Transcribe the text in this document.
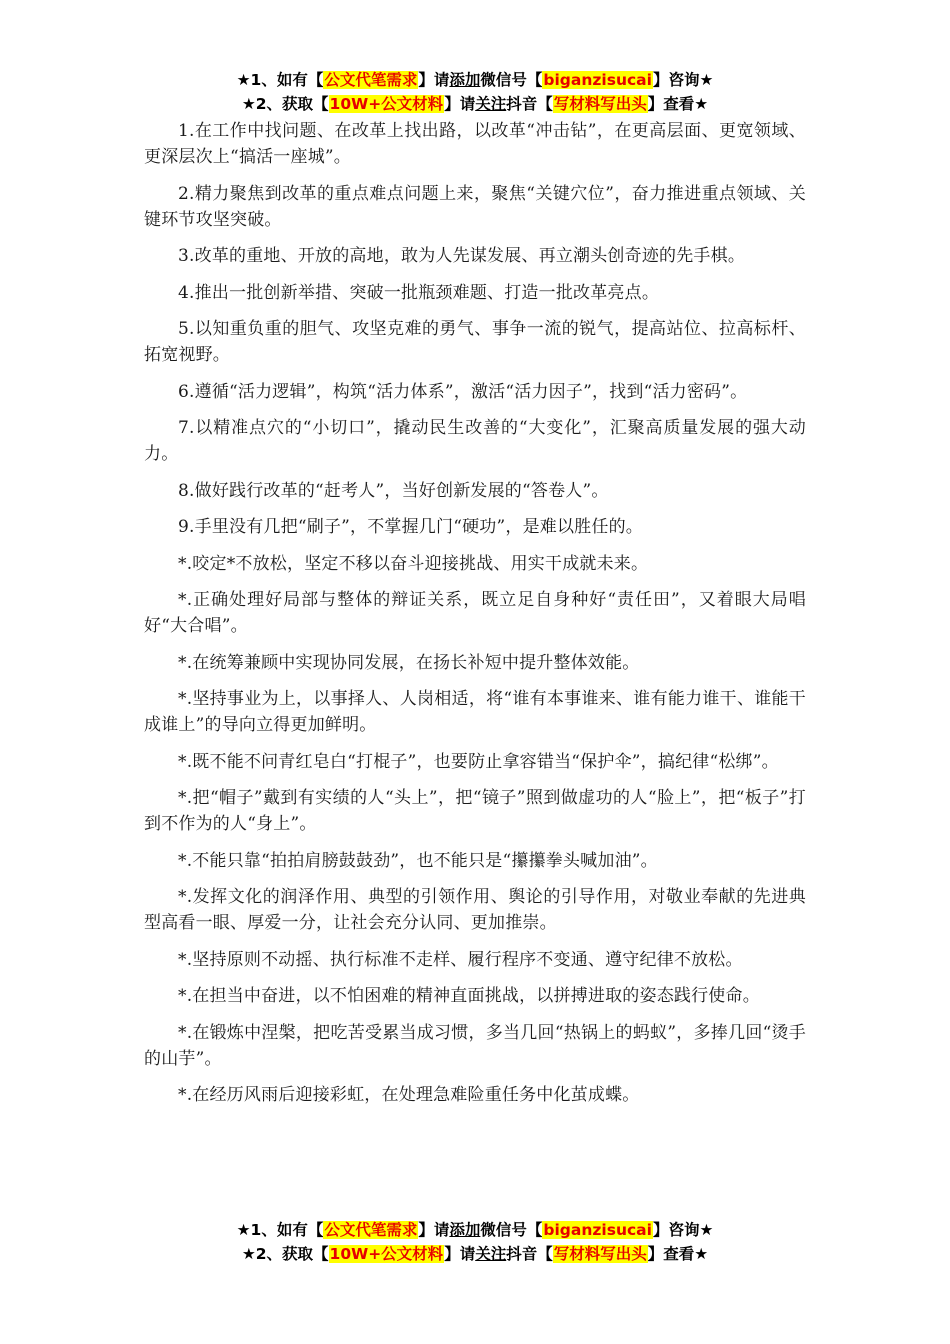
★1、如有【公文代笔需求】请添加微信号【biganzisucai】咨询★
★2、获取【10W+公文材料】请关注抖音【写材料写出头】查看★

1.在工作中找问题、在改革上找出路，以改革“冲击钻”，在更高层面、更宽领域、更深层次上“搞活一座城”。

2.精力聚焦到改革的重点难点问题上来，聚焦“关键穴位”，奋力推进重点领域、关键环节攻坚突破。

3.改革的重地、开放的高地，敢为人先谋发展、再立潮头创奇迹的先手棋。

4.推出一批创新举措、突破一批瓶颈难题、打造一批改革亮点。

5.以知重负重的胆气、攻坚克难的勇气、事争一流的锐气，提高站位、拉高标杆、拓宽视野。

6.遵循“活力逻辑”，构筑“活力体系”，激活“活力因子”，找到“活力密码”。

7.以精准点穴的“小切口”，撬动民生改善的“大变化”，汇聚高质量发展的强大动力。

8.做好践行改革的“赶考人”，当好创新发展的“答卷人”。

9.手里没有几把“刷子”，不掌握几门“硬功”，是难以胜任的。

*.咬定*不放松，坚定不移以奋斗迎接挑战、用实干成就未来。

*.正确处理好局部与整体的辩证关系，既立足自身种好“责任田”，又着眼大局唱好“大合唱”。

*.在统筹兼顾中实现协同发展，在扬长补短中提升整体效能。

*.坚持事业为上，以事择人、人岗相适，将“谁有本事谁来、谁有能力谁干、谁能干成谁上”的导向立得更加鲜明。

*.既不能不问青红皂白“打棍子”，也要防止拿容错当“保护伞”，搞纪律“松绑”。

*.把“帽子”戴到有实绩的人“头上”，把“镜子”照到做虚功的人“脸上”，把“板子”打到不作为的人“身上”。

*.不能只靠“拍拍肩膀鼓鼓劲”，也不能只是“攥攥拳头喊加油”。

*.发挥文化的润泽作用、典型的引领作用、舆论的引导作用，对敬业奉献的先进典型高看一眼、厚爱一分，让社会充分认同、更加推崇。

*.坚持原则不动摇、执行标准不走样、履行程序不变通、遵守纪律不放松。

*.在担当中奋进，以不怕困难的精神直面挑战，以拼搏进取的姿态践行使命。

*.在锻炼中涅槃，把吃苦受累当成习惯，多当几回“热锅上的蚂蚁”，多捧几回“烫手的山芋”。

*.在经历风雨后迎接彩虹，在处理急难险重任务中化茧成蝶。

★1、如有【公文代笔需求】请添加微信号【biganzisucai】咨询★
★2、获取【10W+公文材料】请关注抖音【写材料写出头】查看★
